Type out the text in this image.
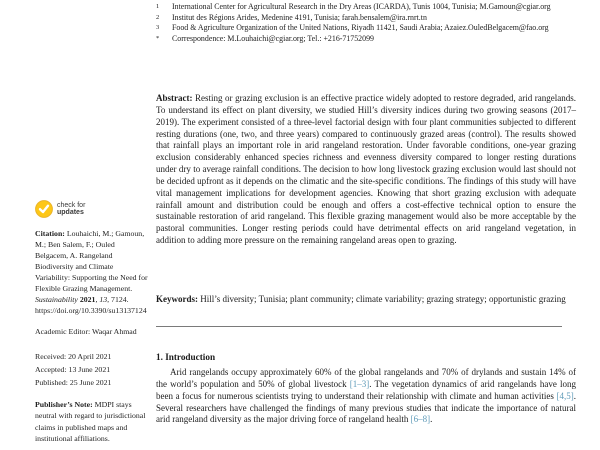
check for
updates
Citation: Louhaichi, M.; Gamoun, M.; Ben Salem, F.; Ouled Belgacem, A. Rangeland Biodiversity and Climate Variability: Supporting the Need for Flexible Grazing Management. Sustainability 2021, 13, 7124. https://doi.org/10.3390/su13137124
Academic Editor: Waqar Ahmad
Received: 20 April 2021
Accepted: 13 June 2021
Published: 25 June 2021
Publisher’s Note: MDPI stays neutral with regard to jurisdictional claims in published maps and institutional affiliations.
1	International Center for Agricultural Research in the Dry Areas (ICARDA), Tunis 1004, Tunisia; M.Gamoun@cgiar.org
2	Institut des Régions Arides, Medenine 4191, Tunisia; farah.bensalem@ira.rnrt.tn
3	Food & Agriculture Organization of the United Nations, Riyadh 11421, Saudi Arabia; Azaiez.OuledBelgacem@fao.org
*	Correspondence: M.Louhaichi@cgiar.org; Tel.: +216-71752099

Abstract: Resting or grazing exclusion is an effective practice widely adopted to restore degraded, arid rangelands. To understand its effect on plant diversity, we studied Hill’s diversity indices during two growing seasons (2017–2019). The experiment consisted of a three-level factorial design with four plant communities subjected to different resting durations (one, two, and three years) compared to continuously grazed areas (control). The results showed that rainfall plays an important role in arid rangeland restoration. Under favorable conditions, one-year grazing exclusion considerably enhanced species richness and evenness diversity compared to longer resting durations under dry to average rainfall conditions. The decision to how long livestock grazing exclusion would last should not be decided upfront as it depends on the climatic and the site-specific conditions. The findings of this study will have vital management implications for development agencies. Knowing that short grazing exclusion with adequate rainfall amount and distribution could be enough and offers a cost-effective technical option to ensure the sustainable restoration of arid rangeland. This flexible grazing management would also be more acceptable by the pastoral communities. Longer resting periods could have detrimental effects on arid rangeland vegetation, in addition to adding more pressure on the remaining rangeland areas open to grazing.

Keywords: Hill’s diversity; Tunisia; plant community; climate variability; grazing strategy; opportunistic grazing

1. Introduction

Arid rangelands occupy approximately 60% of the global rangelands and 70% of drylands and sustain 14% of the world’s population and 50% of global livestock [1–3]. The vegetation dynamics of arid rangelands have long been a focus for numerous scientists trying to understand their relationship with climate and human activities [4,5]. Several researchers have challenged the findings of many previous studies that indicate the importance of natural arid rangeland diversity as the major driving force of rangeland health [6–8].
